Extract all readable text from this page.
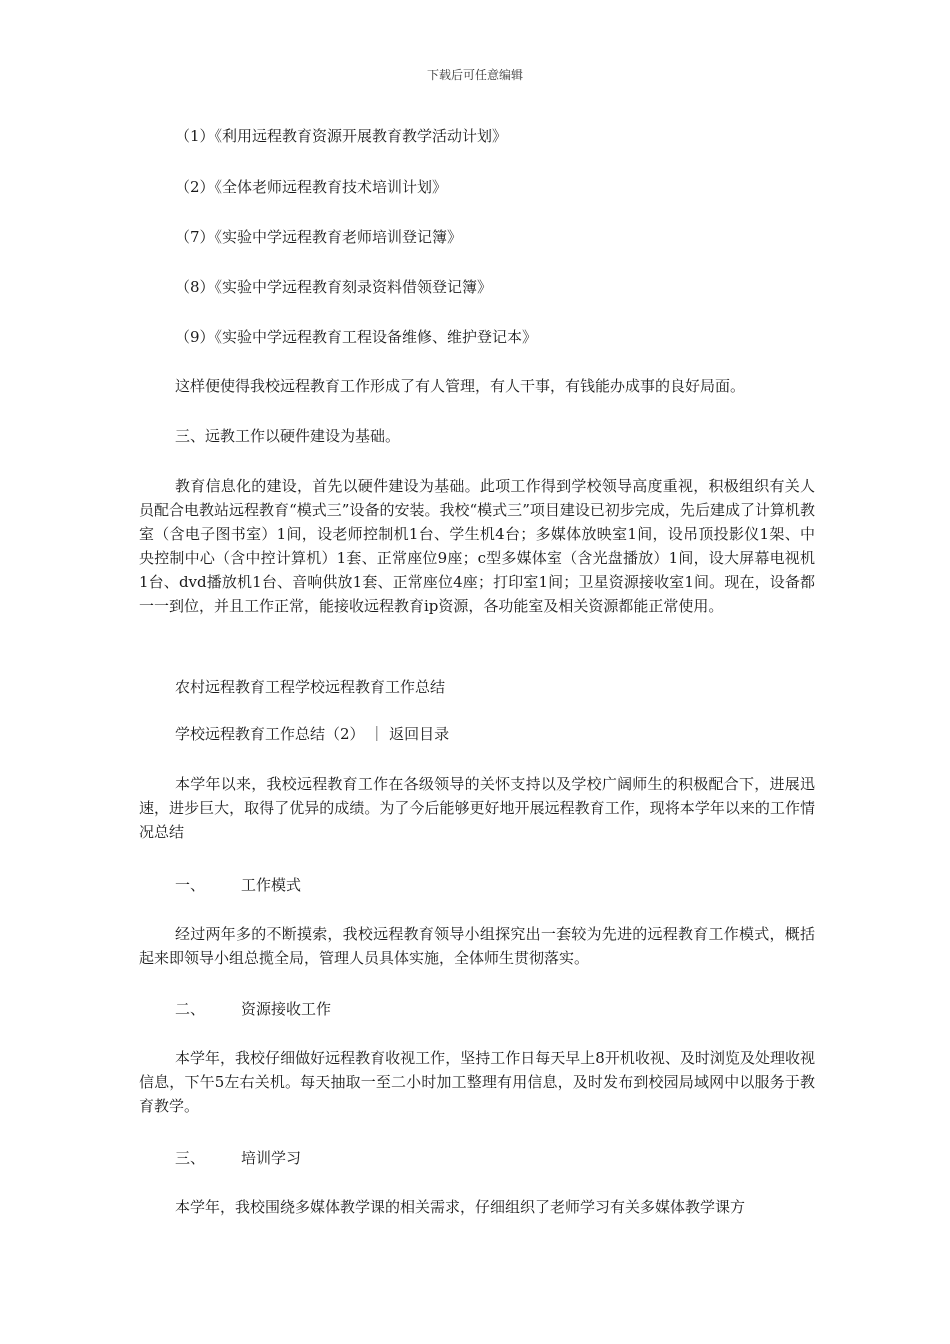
下载后可任意编辑

（1）《利用远程教育资源开展教育教学活动计划》

（2）《全体老师远程教育技术培训计划》

（7）《实验中学远程教育老师培训登记簿》

（8）《实验中学远程教育刻录资料借领登记簿》

（9）《实验中学远程教育工程设备维修、维护登记本》

这样便使得我校远程教育工作形成了有人管理，有人干事，有钱能办成事的良好局面。

三、远教工作以硬件建设为基础。

教育信息化的建设，首先以硬件建设为基础。此项工作得到学校领导高度重视，积极组织有关人员配合电教站远程教育“模式三”设备的安装。我校“模式三”项目建设已初步完成，先后建成了计算机教室（含电子图书室）1间，设老师控制机1台、学生机4台；多媒体放映室1间，设吊顶投影仪1架、中央控制中心（含中控计算机）1套、正常座位9座；c型多媒体室（含光盘播放）1间，设大屏幕电视机1台、dvd播放机1台、音响供放1套、正常座位4座；打印室1间；卫星资源接收室1间。现在，设备都一一到位，并且工作正常，能接收远程教育ip资源，各功能室及相关资源都能正常使用。

农村远程教育工程学校远程教育工作总结

学校远程教育工作总结（2） ｜ 返回目录

本学年以来，我校远程教育工作在各级领导的关怀支持以及学校广阔师生的积极配合下，进展迅速，进步巨大，取得了优异的成绩。为了今后能够更好地开展远程教育工作，现将本学年以来的工作情况总结

一、 工作模式

经过两年多的不断摸索，我校远程教育领导小组探究出一套较为先进的远程教育工作模式，概括起来即领导小组总揽全局，管理人员具体实施，全体师生贯彻落实。

二、 资源接收工作

本学年，我校仔细做好远程教育收视工作，坚持工作日每天早上8开机收视、及时浏览及处理收视信息，下午5左右关机。每天抽取一至二小时加工整理有用信息，及时发布到校园局域网中以服务于教育教学。

三、 培训学习

本学年，我校围绕多媒体教学课的相关需求，仔细组织了老师学习有关多媒体教学课方
